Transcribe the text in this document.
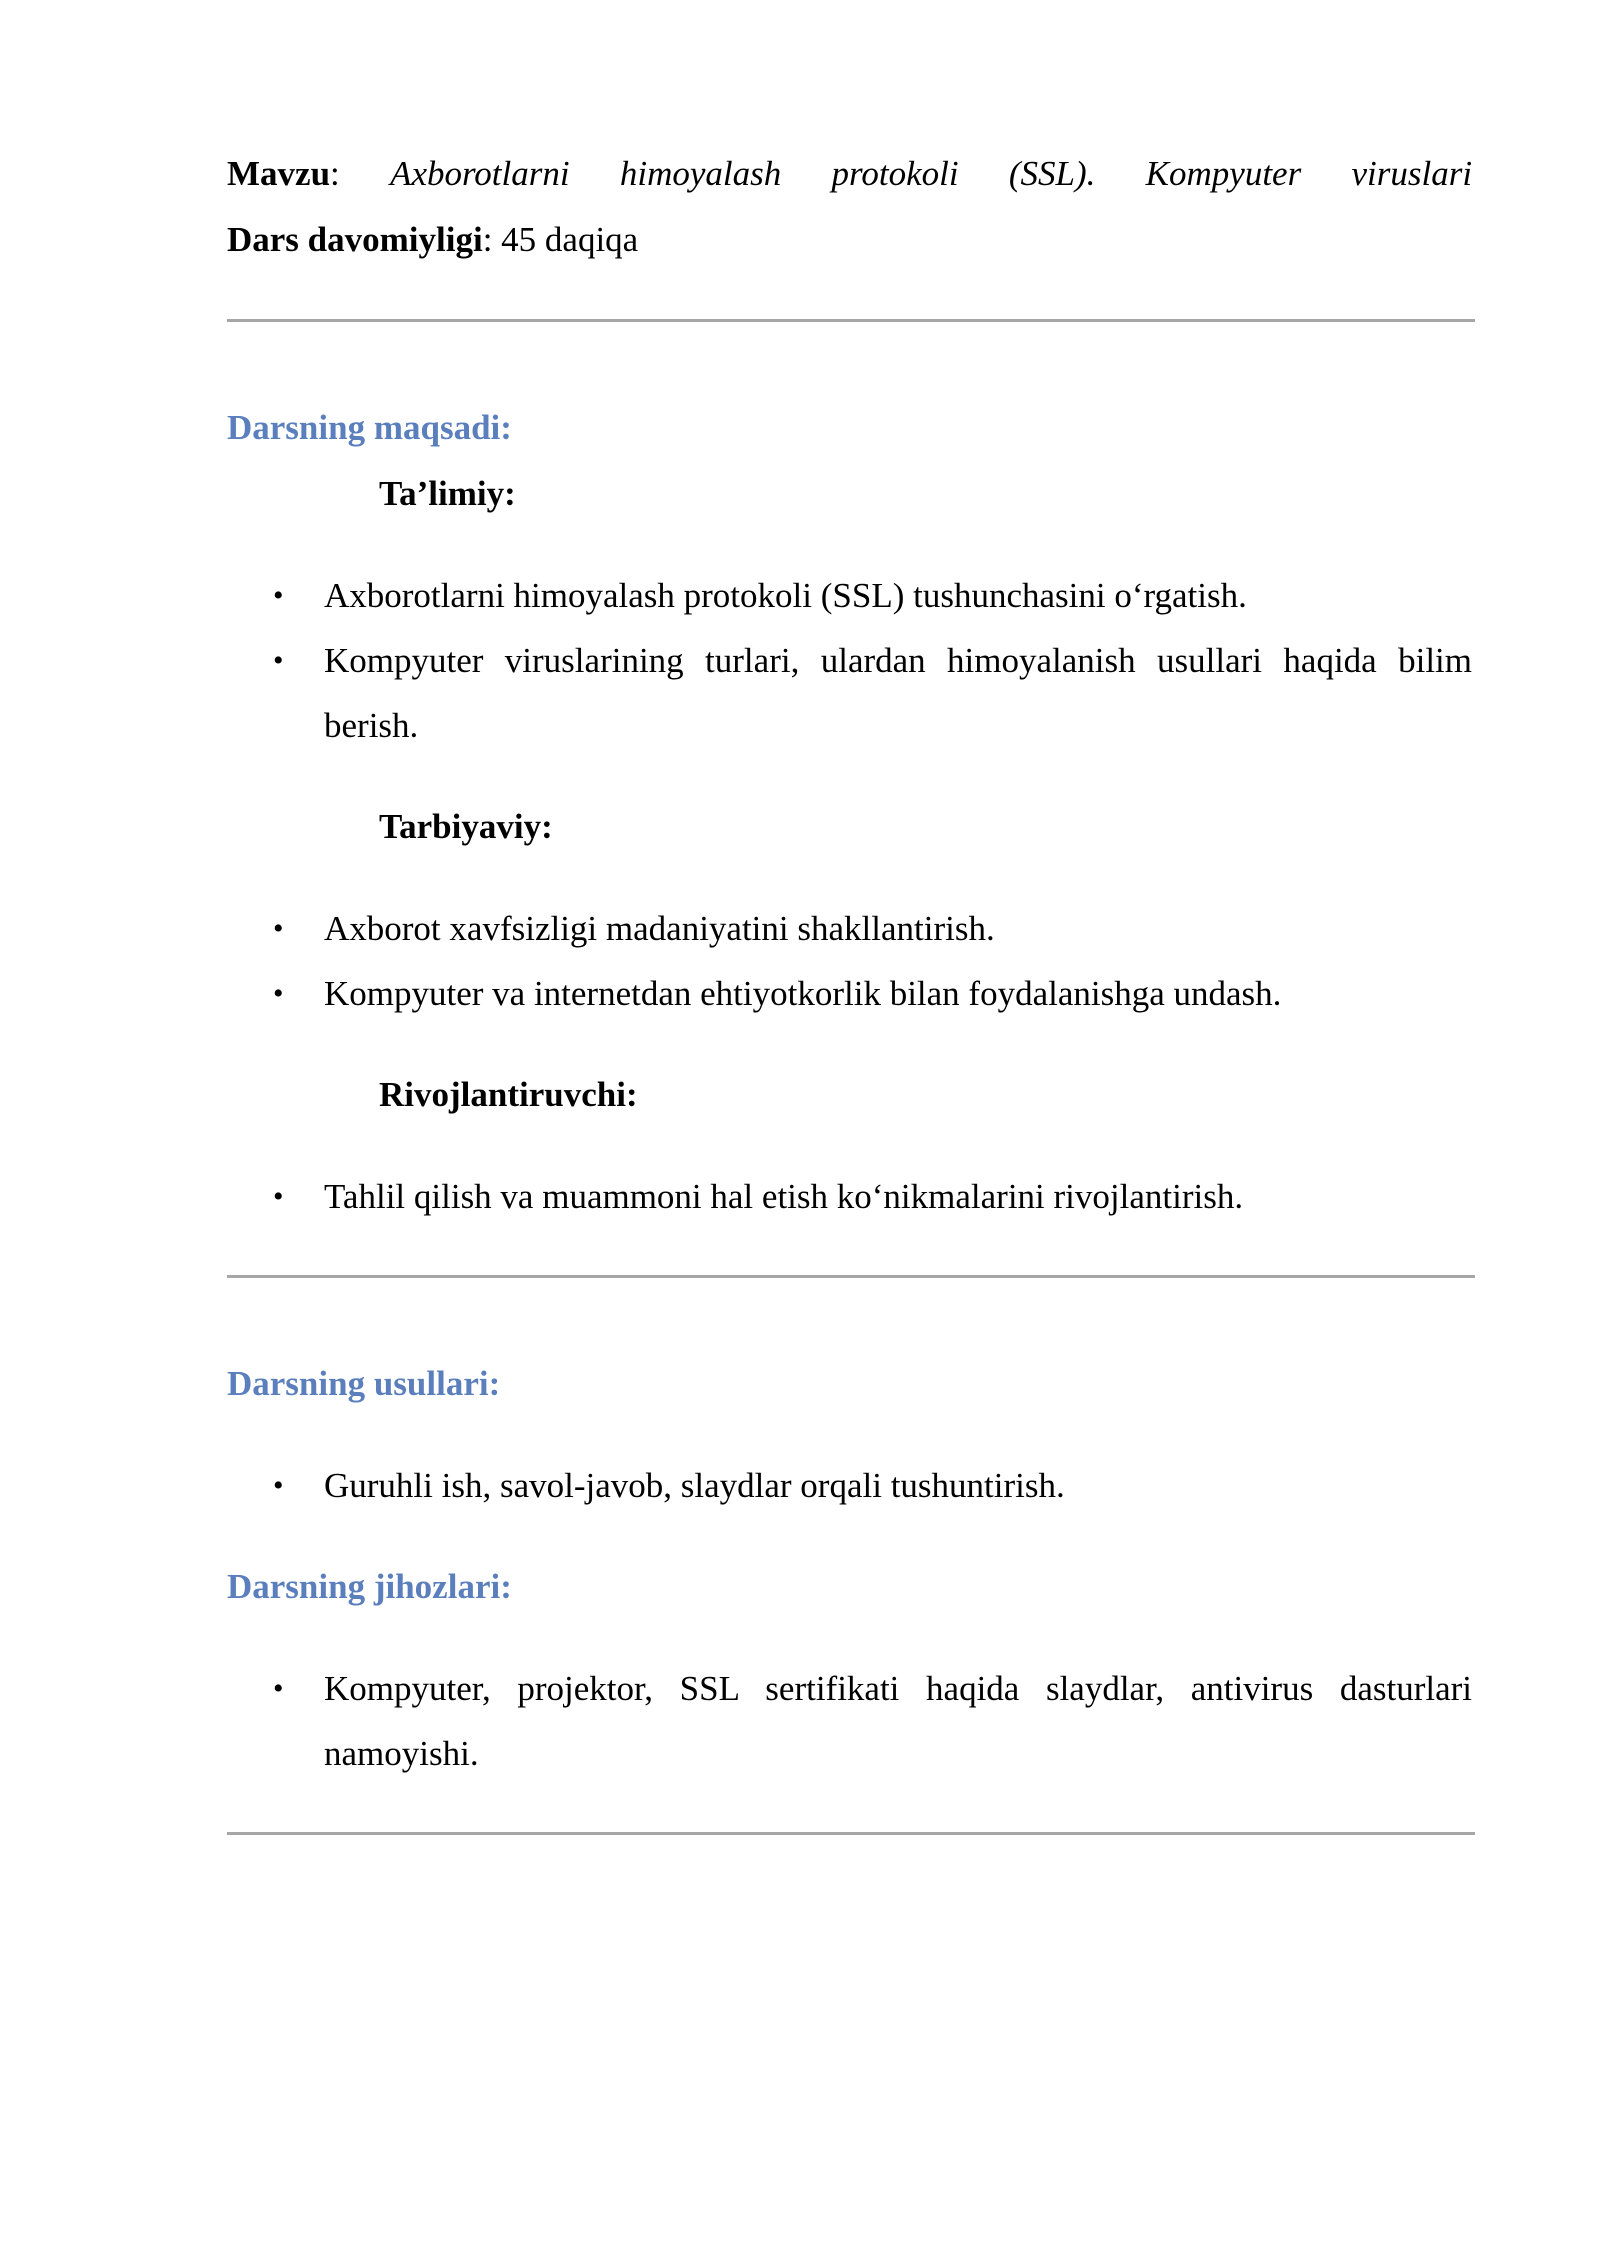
Mavzu: Axborotlarni himoyalash protokoli (SSL). Kompyuter viruslari

Dars davomiyligi: 45 daqiqa

Darsning maqsadi:
Ta’limiy:
• Axborotlarni himoyalash protokoli (SSL) tushunchasini o‘rgatish.
• Kompyuter viruslarining turlari, ulardan himoyalanish usullari haqida bilim berish.
Tarbiyaviy:
• Axborot xavfsizligi madaniyatini shakllantirish.
• Kompyuter va internetdan ehtiyotkorlik bilan foydalanishga undash.
Rivojlantiruvchi:
• Tahlil qilish va muammoni hal etish ko‘nikmalarini rivojlantirish.
Darsning usullari:
• Guruhli ish, savol-javob, slaydlar orqali tushuntirish.
Darsning jihozlari:
• Kompyuter, projektor, SSL sertifikati haqida slaydlar, antivirus dasturlari namoyishi.
